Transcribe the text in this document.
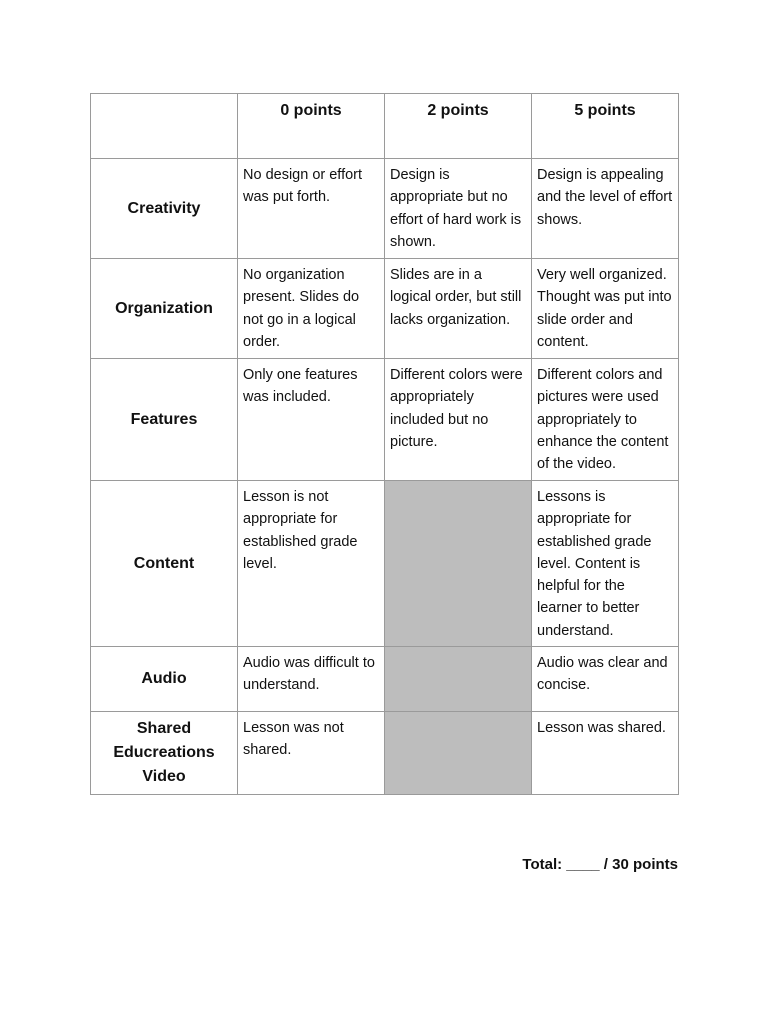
	0 points	2 points	5 points
Creativity	No design or effort was put forth.	Design is appropriate but no effort of hard work is shown.	Design is appealing and the level of effort shows.
Organization	No organization present. Slides do not go in a logical order.	Slides are in a logical order, but still lacks organization.	Very well organized. Thought was put into slide order and content.
Features	Only one features was included.	Different colors were appropriately included but no picture.	Different colors and pictures were used appropriately to enhance the content of the video.
Content	Lesson is not appropriate for established grade level.		Lessons is appropriate for established grade level. Content is helpful for the learner to better understand.
Audio	Audio was difficult to understand.		Audio was clear and concise.
Shared Educreations Video	Lesson was not shared.		Lesson was shared.
Total: ____ / 30 points
